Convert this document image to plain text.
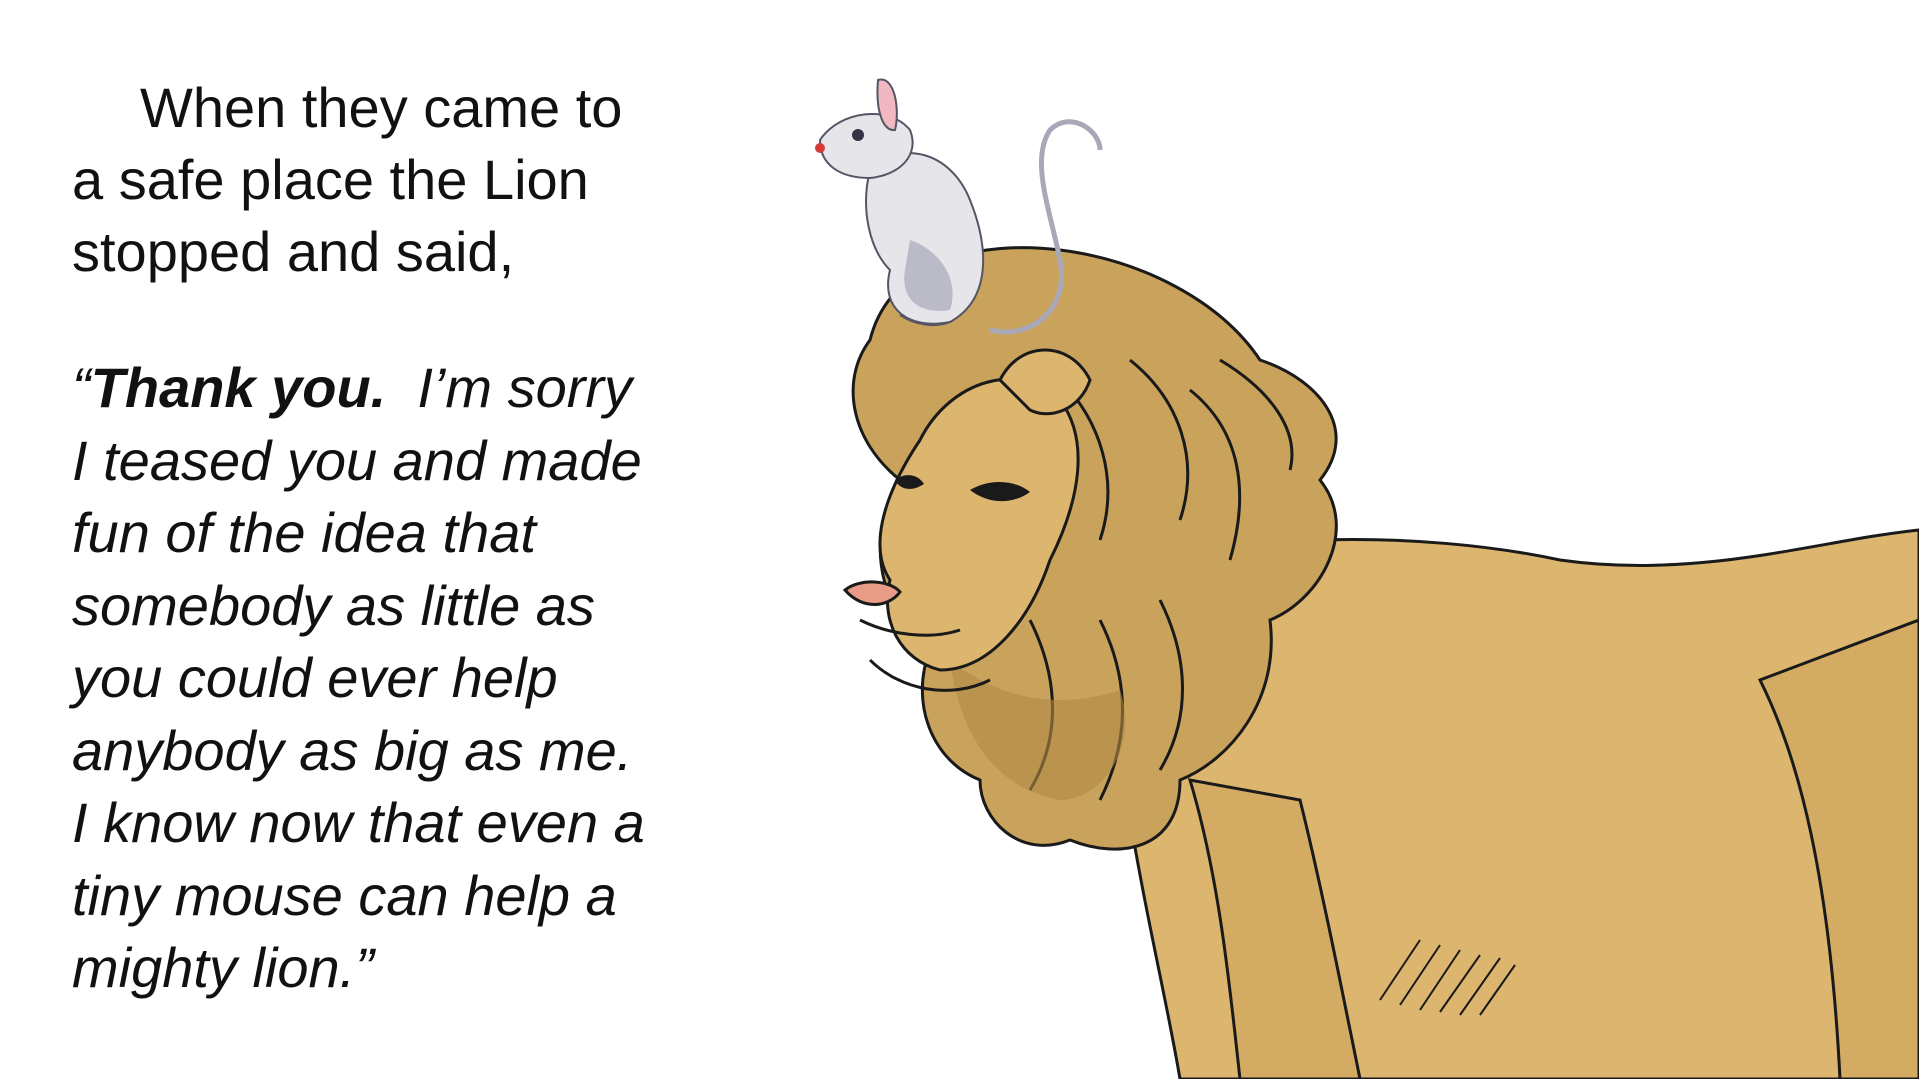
When they came to
a safe place the Lion
stopped and said,

“Thank you.  I’m sorry
I teased you and made
fun of the idea that
somebody as little as
you could ever help
anybody as big as me.
I know now that even a
tiny mouse can help a
mighty lion.”
